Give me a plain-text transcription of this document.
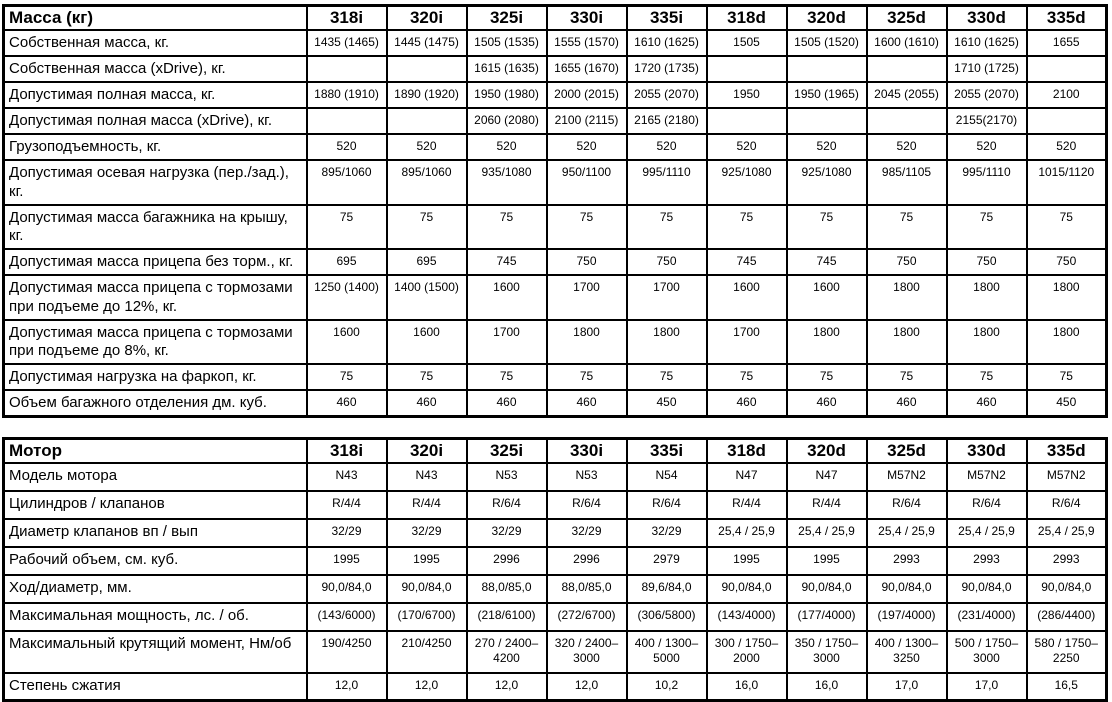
Масса (кг)	318i	320i	325i	330i	335i	318d	320d	325d	330d	335d
Собственная масса, кг.	1435 (1465)	1445 (1475)	1505 (1535)	1555 (1570)	1610 (1625)	1505	1505 (1520)	1600 (1610)	1610 (1625)	1655
Собственная масса (xDrive), кг.			1615 (1635)	1655 (1670)	1720 (1735)				1710 (1725)	
Допустимая полная масса, кг.	1880 (1910)	1890 (1920)	1950 (1980)	2000 (2015)	2055 (2070)	1950	1950 (1965)	2045 (2055)	2055 (2070)	2100
Допустимая полная масса (xDrive), кг.			2060 (2080)	2100 (2115)	2165 (2180)				2155(2170)	
Грузоподъемность, кг.	520	520	520	520	520	520	520	520	520	520
Допустимая осевая нагрузка (пер./зад.), кг.	895/1060	895/1060	935/1080	950/1100	995/1110	925/1080	925/1080	985/1105	995/1110	1015/1120
Допустимая масса багажника на крышу, кг.	75	75	75	75	75	75	75	75	75	75
Допустимая масса прицепа без торм., кг.	695	695	745	750	750	745	745	750	750	750
Допустимая масса прицепа с тормозами при подъеме до 12%, кг.	1250 (1400)	1400 (1500)	1600	1700	1700	1600	1600	1800	1800	1800
Допустимая масса прицепа с тормозами при подъеме до 8%, кг.	1600	1600	1700	1800	1800	1700	1800	1800	1800	1800
Допустимая нагрузка на фаркоп, кг.	75	75	75	75	75	75	75	75	75	75
Объем багажного отделения дм. куб.	460	460	460	460	450	460	460	460	460	450
Мотор	318i	320i	325i	330i	335i	318d	320d	325d	330d	335d
Модель мотора	N43	N43	N53	N53	N54	N47	N47	M57N2	M57N2	M57N2
Цилиндров / клапанов	R/4/4	R/4/4	R/6/4	R/6/4	R/6/4	R/4/4	R/4/4	R/6/4	R/6/4	R/6/4
Диаметр клапанов вп / вып	32/29	32/29	32/29	32/29	32/29	25,4 / 25,9	25,4 / 25,9	25,4 / 25,9	25,4 / 25,9	25,4 / 25,9
Рабочий объем, см. куб.	1995	1995	2996	2996	2979	1995	1995	2993	2993	2993
Ход/диаметр, мм.	90,0/84,0	90,0/84,0	88,0/85,0	88,0/85,0	89,6/84,0	90,0/84,0	90,0/84,0	90,0/84,0	90,0/84,0	90,0/84,0
Максимальная мощность, лс. / об.	(143/6000)	(170/6700)	(218/6100)	(272/6700)	(306/5800)	(143/4000)	(177/4000)	(197/4000)	(231/4000)	(286/4400)
Максимальный крутящий момент, Нм/об	190/4250	210/4250	270 / 2400–4200	320 / 2400–3000	400 / 1300–5000	300 / 1750–2000	350 / 1750–3000	400 / 1300–3250	500 / 1750–3000	580 / 1750–2250
Степень сжатия	12,0	12,0	12,0	12,0	10,2	16,0	16,0	17,0	17,0	16,5
